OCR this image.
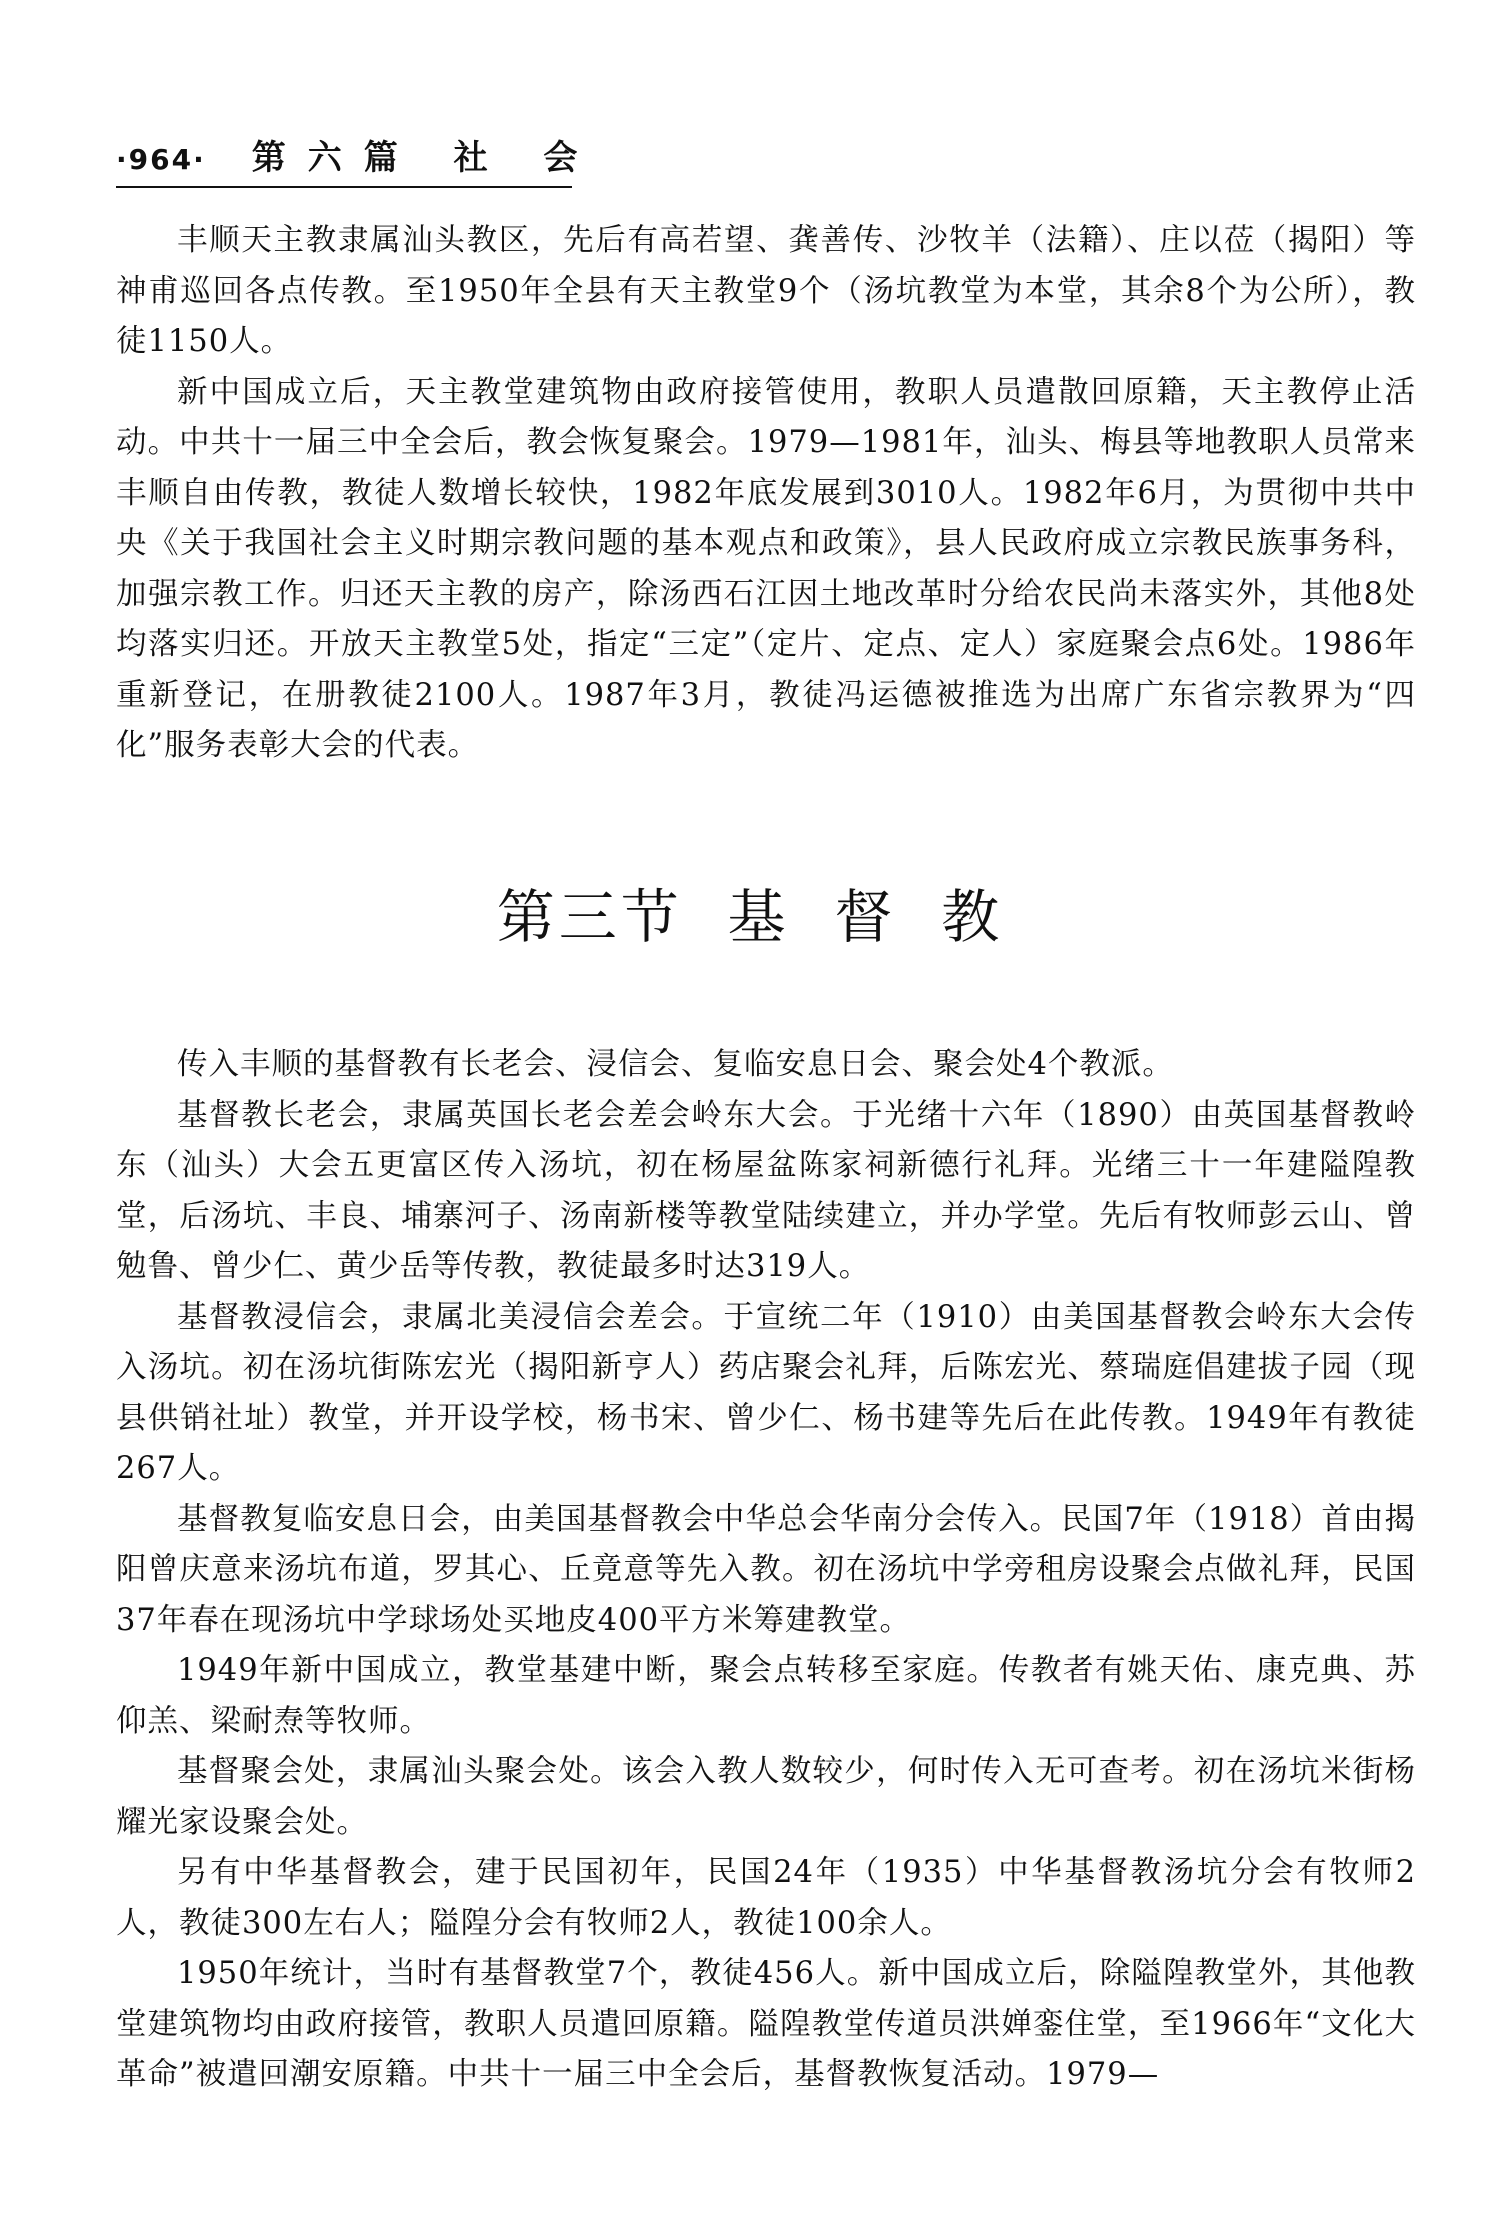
·964· 第六篇 社 会

丰顺天主教隶属汕头教区，先后有高若望、龚善传、沙牧羊（法籍）、庄以莅（揭阳）等神甫巡回各点传教。至1950年全县有天主教堂9个（汤坑教堂为本堂，其余8个为公所），教徒1150人。

新中国成立后，天主教堂建筑物由政府接管使用，教职人员遣散回原籍，天主教停止活动。中共十一届三中全会后，教会恢复聚会。1979—1981年，汕头、梅县等地教职人员常来丰顺自由传教，教徒人数增长较快，1982年底发展到3010人。1982年6月，为贯彻中共中央《关于我国社会主义时期宗教问题的基本观点和政策》，县人民政府成立宗教民族事务科，加强宗教工作。归还天主教的房产，除汤西石江因土地改革时分给农民尚未落实外，其他8处均落实归还。开放天主教堂5处，指定“三定”（定片、定点、定人）家庭聚会点6处。1986年重新登记，在册教徒2100人。1987年3月，教徒冯运德被推选为出席广东省宗教界为“四化”服务表彰大会的代表。

第三节  基  督  教

传入丰顺的基督教有长老会、浸信会、复临安息日会、聚会处4个教派。

基督教长老会，隶属英国长老会差会岭东大会。于光绪十六年（1890）由英国基督教岭东（汕头）大会五更富区传入汤坑，初在杨屋盆陈家祠新德行礼拜。光绪三十一年建隘隍教堂，后汤坑、丰良、埔寨河子、汤南新楼等教堂陆续建立，并办学堂。先后有牧师彭云山、曾勉鲁、曾少仁、黄少岳等传教，教徒最多时达319人。

基督教浸信会，隶属北美浸信会差会。于宣统二年（1910）由美国基督教会岭东大会传入汤坑。初在汤坑街陈宏光（揭阳新亨人）药店聚会礼拜，后陈宏光、蔡瑞庭倡建拔子园（现县供销社址）教堂，并开设学校，杨书宋、曾少仁、杨书建等先后在此传教。1949年有教徒267人。

基督教复临安息日会，由美国基督教会中华总会华南分会传入。民国7年（1918）首由揭阳曾庆意来汤坑布道，罗其心、丘竟意等先入教。初在汤坑中学旁租房设聚会点做礼拜，民国37年春在现汤坑中学球场处买地皮400平方米筹建教堂。

1949年新中国成立，教堂基建中断，聚会点转移至家庭。传教者有姚天佑、康克典、苏仰羔、梁耐焘等牧师。

基督聚会处，隶属汕头聚会处。该会入教人数较少，何时传入无可查考。初在汤坑米街杨耀光家设聚会处。

另有中华基督教会，建于民国初年，民国24年（1935）中华基督教汤坑分会有牧师2人，教徒300左右人；隘隍分会有牧师2人，教徒100余人。

1950年统计，当时有基督教堂7个，教徒456人。新中国成立后，除隘隍教堂外，其他教堂建筑物均由政府接管，教职人员遣回原籍。隘隍教堂传道员洪婵銮住堂，至1966年“文化大革命”被遣回潮安原籍。中共十一届三中全会后，基督教恢复活动。1979—
